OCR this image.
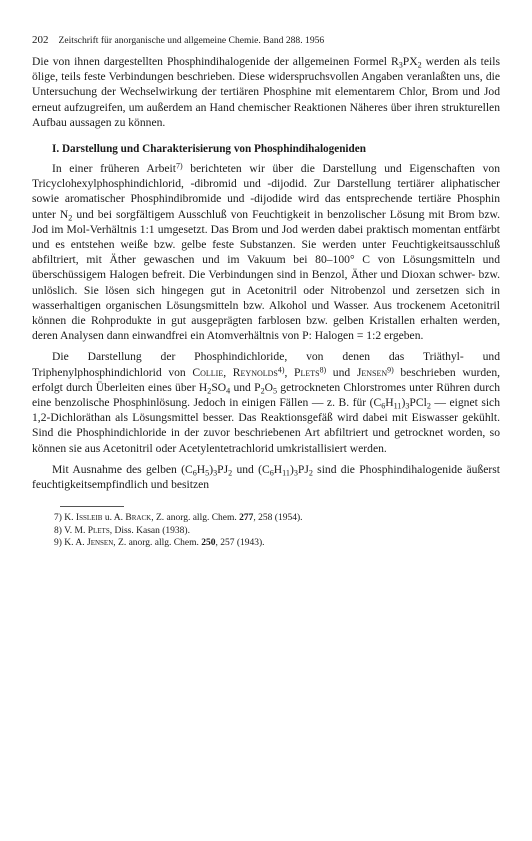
202 Zeitschrift für anorganische und allgemeine Chemie. Band 288. 1956

Die von ihnen dargestellten Phosphindihalogenide der allgemeinen Formel $R_3PX_2$ werden als teils ölige, teils feste Verbindungen beschrieben. Diese widerspruchsvollen Angaben veranlaßten uns, die Untersuchung der Wechselwirkung der tertiären Phosphine mit elementarem Chlor, Brom und Jod erneut aufzugreifen, um außerdem an Hand chemischer Reaktionen Näheres über ihren strukturellen Aufbau aussagen zu können.

I. Darstellung und Charakterisierung von Phosphindihalogeniden

In einer früheren Arbeit$^{7)}$ berichteten wir über die Darstellung und Eigenschaften von Tricyclohexylphosphindichlorid, -dibromid und -dijodid. Zur Darstellung tertiärer aliphatischer sowie aromatischer Phosphindibromide und -dijodide wird das entsprechende tertiäre Phosphin unter $N_2$ und bei sorgfältigem Ausschluß von Feuchtigkeit in benzolischer Lösung mit Brom bzw. Jod im Mol-Verhältnis 1:1 umgesetzt. Das Brom und Jod werden dabei praktisch momentan entfärbt und es entstehen weiße bzw. gelbe feste Substanzen. Sie werden unter Feuchtigkeitsausschluß abfiltriert, mit Äther gewaschen und im Vakuum bei 80–100° C von Lösungsmitteln und überschüssigem Halogen befreit. Die Verbindungen sind in Benzol, Äther und Dioxan schwer- bzw. unlöslich. Sie lösen sich hingegen gut in Acetonitril oder Nitrobenzol und zersetzen sich in wasserhaltigen organischen Lösungsmitteln bzw. Alkohol und Wasser. Aus trockenem Acetonitril können die Rohprodukte in gut ausgeprägten farblosen bzw. gelben Kristallen erhalten werden, deren Analysen dann einwandfrei ein Atomverhältnis von P: Halogen = 1:2 ergeben.

Die Darstellung der Phosphindichloride, von denen das Triäthyl- und Triphenylphosphindichlorid von Collie, Reynolds$^{4)}$, Plets$^{8)}$ und Jensen$^{9)}$ beschrieben wurden, erfolgt durch Überleiten eines über $H_2SO_4$ und $P_2O_5$ getrockneten Chlorstromes unter Rühren durch eine benzolische Phosphinlösung. Jedoch in einigen Fällen — z. B. für $(C_6H_{11})_3PCl_2$ — eignet sich 1,2-Dichloräthan als Lösungsmittel besser. Das Reaktionsgefäß wird dabei mit Eiswasser gekühlt. Sind die Phosphindichloride in der zuvor beschriebenen Art abfiltriert und getrocknet worden, so können sie aus Acetonitril oder Acetylentetrachlorid umkristallisiert werden.

Mit Ausnahme des gelben $(C_6H_5)_3PJ_2$ und $(C_6H_{11})_3PJ_2$ sind die Phosphindihalogenide äußerst feuchtigkeitsempfindlich und besitzen

7) K. Issleib u. A. Brack, Z. anorg. allg. Chem. 277, 258 (1954).
8) V. M. Plets, Diss. Kasan (1938).
9) K. A. Jensen, Z. anorg. allg. Chem. 250, 257 (1943).
